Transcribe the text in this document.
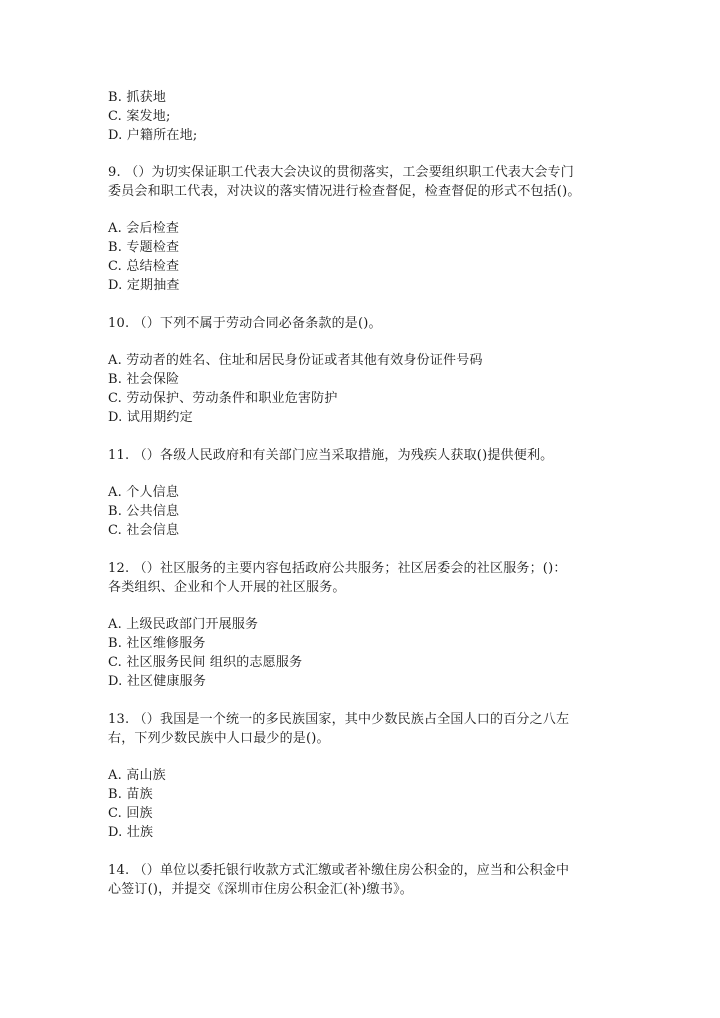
B. 抓获地
C. 案发地;
D. 户籍所在地;
9. （）为切实保证职工代表大会决议的贯彻落实，工会要组织职工代表大会专门
委员会和职工代表，对决议的落实情况进行检查督促，检查督促的形式不包括()。
A. 会后检查
B. 专题检查
C. 总结检查
D. 定期抽查
10. （）下列不属于劳动合同必备条款的是()。
A. 劳动者的姓名、住址和居民身份证或者其他有效身份证件号码
B. 社会保险
C. 劳动保护、劳动条件和职业危害防护
D. 试用期约定
11. （）各级人民政府和有关部门应当采取措施，为残疾人获取()提供便利。
A. 个人信息
B. 公共信息
C. 社会信息
12. （）社区服务的主要内容包括政府公共服务；社区居委会的社区服务；()：
各类组织、企业和个人开展的社区服务。
A. 上级民政部门开展服务
B. 社区维修服务
C. 社区服务民间 组织的志愿服务
D. 社区健康服务
13. （）我国是一个统一的多民族国家，其中少数民族占全国人口的百分之八左
右，下列少数民族中人口最少的是()。
A. 高山族
B. 苗族
C. 回族
D. 壮族
14. （）单位以委托银行收款方式汇缴或者补缴住房公积金的，应当和公积金中
心签订()，并提交《深圳市住房公积金汇(补)缴书》。
